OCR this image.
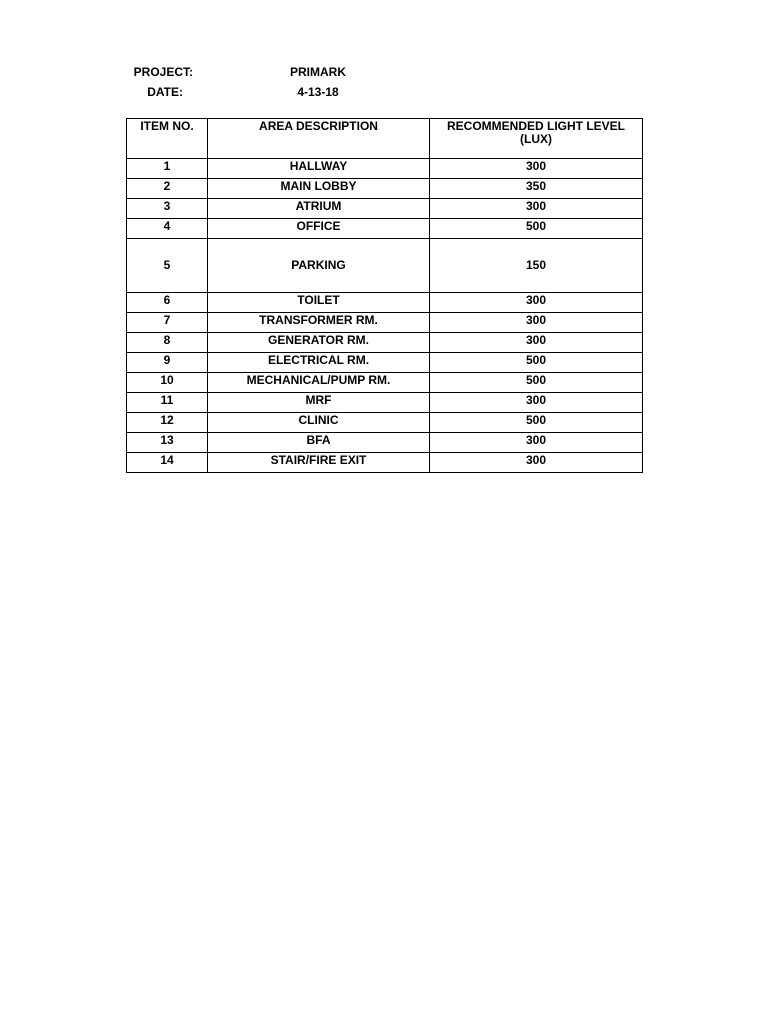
PROJECT:	PRIMARK
DATE:	4-13-18
ITEM NO.	AREA DESCRIPTION	RECOMMENDED LIGHT LEVEL (LUX)
1	HALLWAY	300
2	MAIN LOBBY	350
3	ATRIUM	300
4	OFFICE	500
5	PARKING	150
6	TOILET	300
7	TRANSFORMER RM.	300
8	GENERATOR RM.	300
9	ELECTRICAL RM.	500
10	MECHANICAL/PUMP RM.	500
11	MRF	300
12	CLINIC	500
13	BFA	300
14	STAIR/FIRE EXIT	300
